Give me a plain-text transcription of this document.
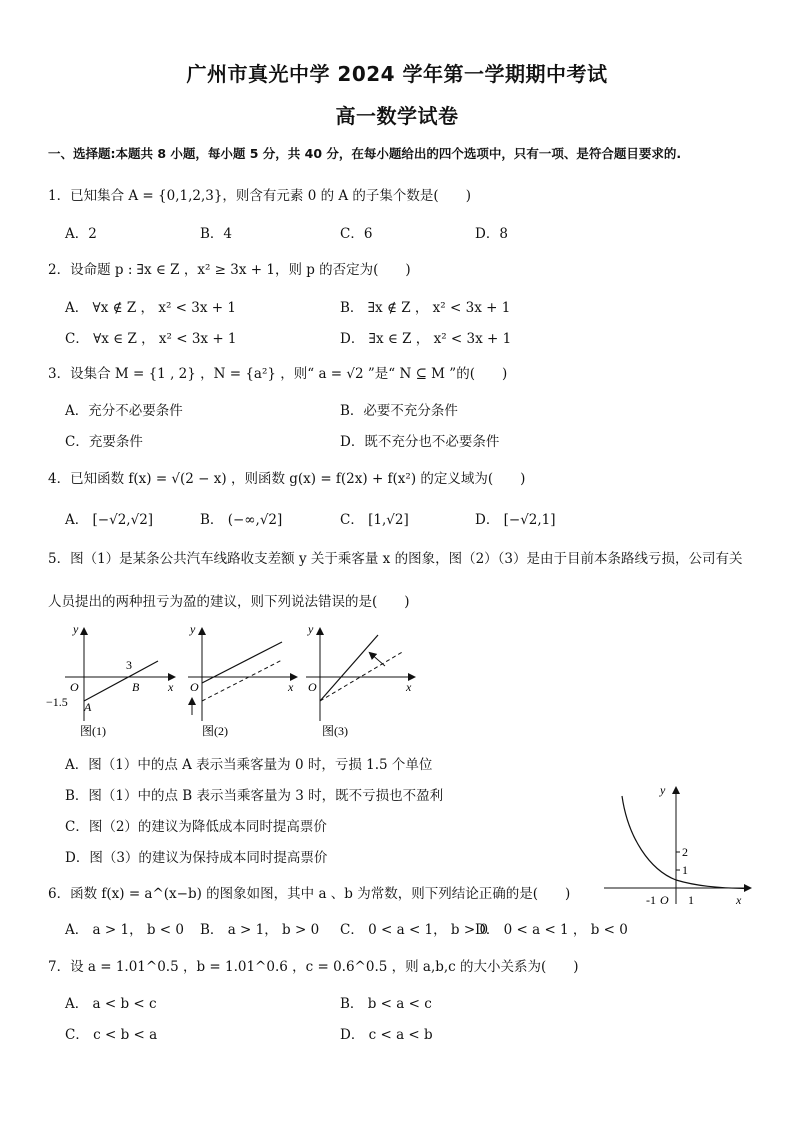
广州市真光中学 2024 学年第一学期期中考试
高一数学试卷
一、选择题:本题共 8 小题，每小题 5 分，共 40 分，在每小题给出的四个选项中，只有一项、是符合题目要求的.
1．已知集合 A = {0,1,2,3}，则含有元素 0 的 A 的子集个数是(　　)
A．2	B．4	C．6	D．8
2．设命题 p : ∃x ∈ Z ，x² ≥ 3x + 1，则 p 的否定为(　　)
A． ∀x ∉ Z ， x² < 3x + 1	B． ∃x ∉ Z ， x² < 3x + 1
C． ∀x ∈ Z ， x² < 3x + 1	D． ∃x ∈ Z ， x² < 3x + 1
3．设集合 M = {1 , 2} ，N = {a²} ，则“ a = √2 ”是“ N ⊆ M ”的(　　)
A．充分不必要条件	B．必要不充分条件
C．充要条件	D．既不充分也不必要条件
4．已知函数 f(x) = √(2 − x) ，则函数 g(x) = f(2x) + f(x²) 的定义域为(　　)
A． [−√2,√2]	B． (−∞,√2]	C． [1,√2]	D． [−√2,1]
5．图（1）是某条公共汽车线路收支差额 y 关于乘客量 x 的图象，图（2）（3）是由于目前本条路线亏损，公司有关
人员提出的两种扭亏为盈的建议，则下列说法错误的是(　　)
y
x
O	B
3
−1.5 A
图(1)
y
x
O
图(2)
y
x
O
图(3)
A．图（1）中的点 A 表示当乘客量为 0 时，亏损 1.5 个单位
B．图（1）中的点 B 表示当乘客量为 3 时，既不亏损也不盈利
C．图（2）的建议为降低成本同时提高票价
D．图（3）的建议为保持成本同时提高票价
y
x
2
1
-1 O 1
6．函数 f(x) = a^(x−b) 的图象如图，其中 a 、b 为常数，则下列结论正确的是(　　)
A． a > 1， b < 0 B． a > 1， b > 0 C． 0 < a < 1， b > 0
D． 0 < a < 1 ， b < 0
7．设 a = 1.01^0.5 ，b = 1.01^0.6 ，c = 0.6^0.5 ，则 a,b,c 的大小关系为(　　)
A． a < b < c	B． b < a < c
C． c < b < a	D． c < a < b
